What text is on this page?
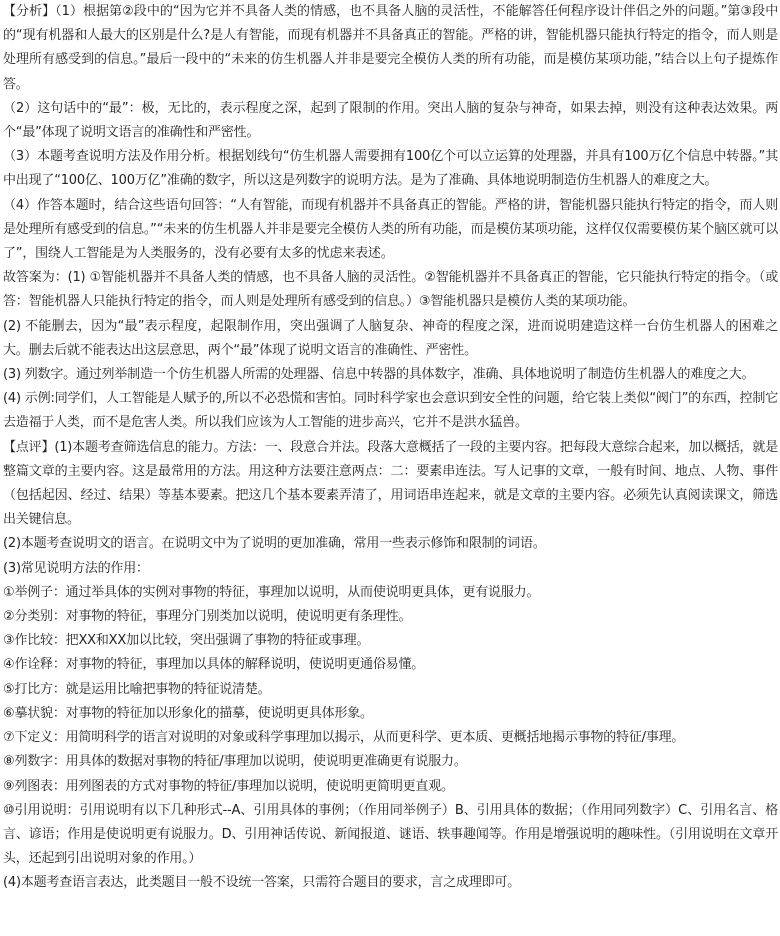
【分析】（1）根据第②段中的“因为它并不具备人类的情感，也不具备人脑的灵活性，不能解答任何程序设计伴侣之外的问题。”第③段中的“现有机器和人最大的区别是什么?是人有智能，而现有机器并不具备真正的智能。严格的讲，智能机器只能执行特定的指令，而人则是处理所有感受到的信息。”最后一段中的“未来的仿生机器人并非是要完全模仿人类的所有功能，而是模仿某项功能，”结合以上句子提炼作答。

（2）这句话中的“最”：极，无比的，表示程度之深，起到了限制的作用。突出人脑的复杂与神奇，如果去掉，则没有这种表达效果。两个“最”体现了说明文语言的准确性和严密性。

（3）本题考查说明方法及作用分析。根据划线句“仿生机器人需要拥有100亿个可以立运算的处理器，并具有100万亿个信息中转器。”其中出现了“100亿、100万亿”准确的数字，所以这是列数字的说明方法。是为了准确、具体地说明制造仿生机器人的难度之大。

（4）作答本题时，结合这些语句回答：“人有智能，而现有机器并不具备真正的智能。严格的讲，智能机器只能执行特定的指令，而人则是处理所有感受到的信息。”“未来的仿生机器人并非是要完全模仿人类的所有功能，而是模仿某项功能，这样仅仅需要模仿某个脑区就可以了”，围绕人工智能是为人类服务的，没有必要有太多的忧虑来表述。

故答案为：(1) ①智能机器并不具备人类的情感，也不具备人脑的灵活性。②智能机器并不具备真正的智能，它只能执行特定的指令。（或答：智能机器人只能执行特定的指令，而人则是处理所有感受到的信息。）③智能机器只是模仿人类的某项功能。

(2) 不能删去，因为“最”表示程度，起限制作用，突出强调了人脑复杂、神奇的程度之深，进而说明建造这样一台仿生机器人的困难之大。删去后就不能表达出这层意思，两个“最”体现了说明文语言的准确性、严密性。

(3) 列数字。通过列举制造一个仿生机器人所需的处理器、信息中转器的具体数字，准确、具体地说明了制造仿生机器人的难度之大。

(4) 示例:同学们，人工智能是人赋予的,所以不必恐慌和害怕。同时科学家也会意识到安全性的问题，给它装上类似“阀门”的东西，控制它去造福于人类，而不是危害人类。所以我们应该为人工智能的进步高兴，它并不是洪水猛兽。

【点评】(1)本题考查筛选信息的能力。方法：一、段意合并法。段落大意概括了一段的主要内容。把每段大意综合起来，加以概括，就是整篇文章的主要内容。这是最常用的方法。用这种方法要注意两点：二：要素串连法。写人记事的文章，一般有时间、地点、人物、事件（包括起因、经过、结果）等基本要素。把这几个基本要素弄清了，用词语串连起来，就是文章的主要内容。必须先认真阅读课文，筛选出关键信息。

(2)本题考查说明文的语言。在说明文中为了说明的更加准确，常用一些表示修饰和限制的词语。

(3)常见说明方法的作用：

①举例子：通过举具体的实例对事物的特征，事理加以说明，从而使说明更具体，更有说服力。

②分类别：对事物的特征，事理分门别类加以说明，使说明更有条理性。

③作比较：把XX和XX加以比较，突出强调了事物的特征或事理。

④作诠释：对事物的特征，事理加以具体的解释说明，使说明更通俗易懂。

⑤打比方：就是运用比喻把事物的特征说清楚。

⑥摹状貌：对事物的特征加以形象化的描摹，使说明更具体形象。

⑦下定义：用简明科学的语言对说明的对象或科学事理加以揭示，从而更科学、更本质、更概括地揭示事物的特征/事理。

⑧列数字：用具体的数据对事物的特征/事理加以说明，使说明更准确更有说服力。

⑨列图表：用列图表的方式对事物的特征/事理加以说明，使说明更简明更直观。

⑩引用说明：引用说明有以下几种形式--A、引用具体的事例；（作用同举例子）B、引用具体的数据；（作用同列数字）C、引用名言、格言、谚语；作用是使说明更有说服力。D、引用神话传说、新闻报道、谜语、轶事趣闻等。作用是增强说明的趣味性。（引用说明在文章开头，还起到引出说明对象的作用。）

(4)本题考查语言表达，此类题目一般不设统一答案，只需符合题目的要求，言之成理即可。
